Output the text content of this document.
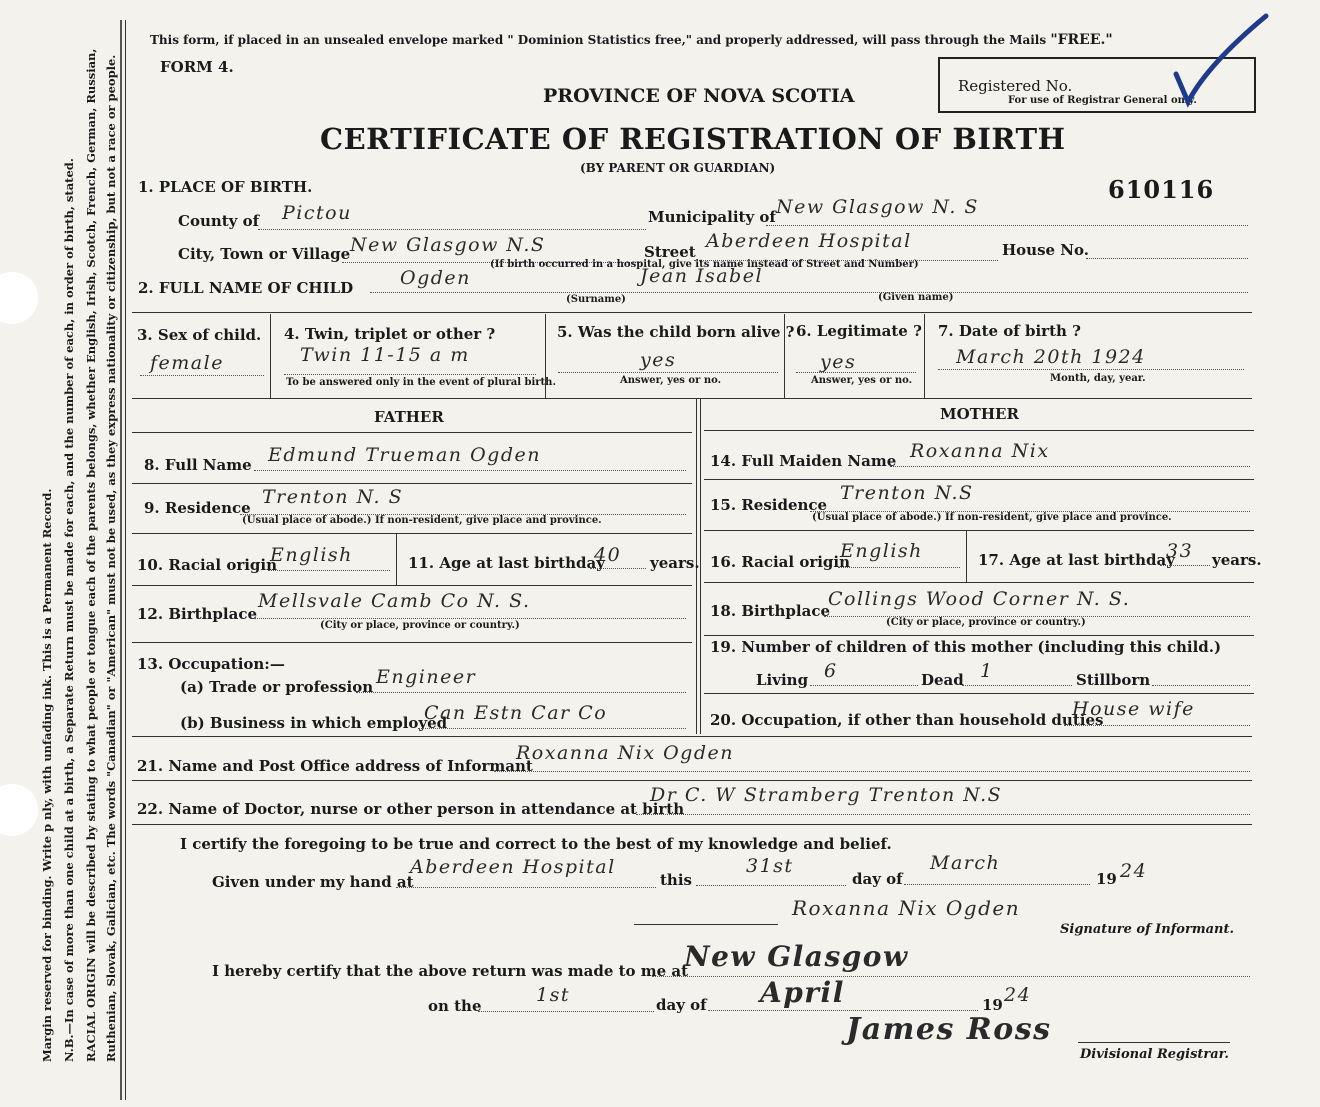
Margin reserved for binding. Write p nly, with unfading ink. This is a Permanent Record. N.B.—In case of more than one child at a birth, a Separate Return must be made for each, and the number of each, in order of birth, stated. RACIAL ORIGIN will be described by stating to what people or tongue each of the parents belongs, whether English, Irish, Scotch, French, German, Russian, Ruthenian, Slovak, Galician, etc. The words "Canadian" or "American" must not be used, as they express nationality or citizenship, but not a race or people.
This form, if placed in an unsealed envelope marked " Dominion Statistics free," and properly addressed, will pass through the Mails "FREE."
FORM 4.
PROVINCE OF NOVA SCOTIA
CERTIFICATE OF REGISTRATION OF BIRTH
(BY PARENT OR GUARDIAN)
Registered No.
For use of Registrar General only.
610116
1. PLACE OF BIRTH.
County of Pictou	Municipality of New Glasgow N. S
City, Town or Village New Glasgow N.S	Street Aberdeen Hospital	House No.
(If birth occurred in a hospital, give its name instead of Street and Number)
2. FULL NAME OF CHILD Ogden
(Surname)
Jean Isabel
(Given name)
3. Sex of child.
female
4. Twin, triplet or other ?
Twin 11-15 a m
To be answered only in the event of plural birth.
5. Was the child born alive ?
yes
Answer, yes or no.
6. Legitimate ?
yes
Answer, yes or no.
7. Date of birth ?
March 20th 1924
Month, day, year.
FATHER	MOTHER
8. Full Name Edmund Trueman Ogden
9. Residence Trenton N. S
(Usual place of abode.) If non-resident, give place and province.
10. Racial origin
English	11. Age at last birthday
40 years.
12. Birthplace
Mellsvale Camb Co N. S.
(City or place, province or country.)
13. Occupation:—
(a) Trade or profession Engineer
(b) Business in which employed
Can Estn Car Co
14. Full Maiden Name Roxanna Nix
15. Residence
Trenton N.S
(Usual place of abode.) If non-resident, give place and province.
16. Racial origin
English	17. Age at last birthday
33 years.
18. Birthplace
Collings Wood Corner N. S.
(City or place, province or country.)
19. Number of children of this mother (including this child.)
Living 6	Dead 1	Stillborn
20. Occupation, if other than household duties
House wife
21. Name and Post Office address of Informant
Roxanna Nix Ogden
22. Name of Doctor, nurse or other person in attendance at birth
Dr C. W Stramberg Trenton N.S
I certify the foregoing to be true and correct to the best of my knowledge and belief.
Given under my hand at
Aberdeen Hospital
this
31st
day of
March
19 24
Roxanna Nix Ogden
Signature of Informant.
I hereby certify that the above return was made to me at
New Glasgow
on the	1st	day of April	19 24
James Ross
Divisional Registrar.
